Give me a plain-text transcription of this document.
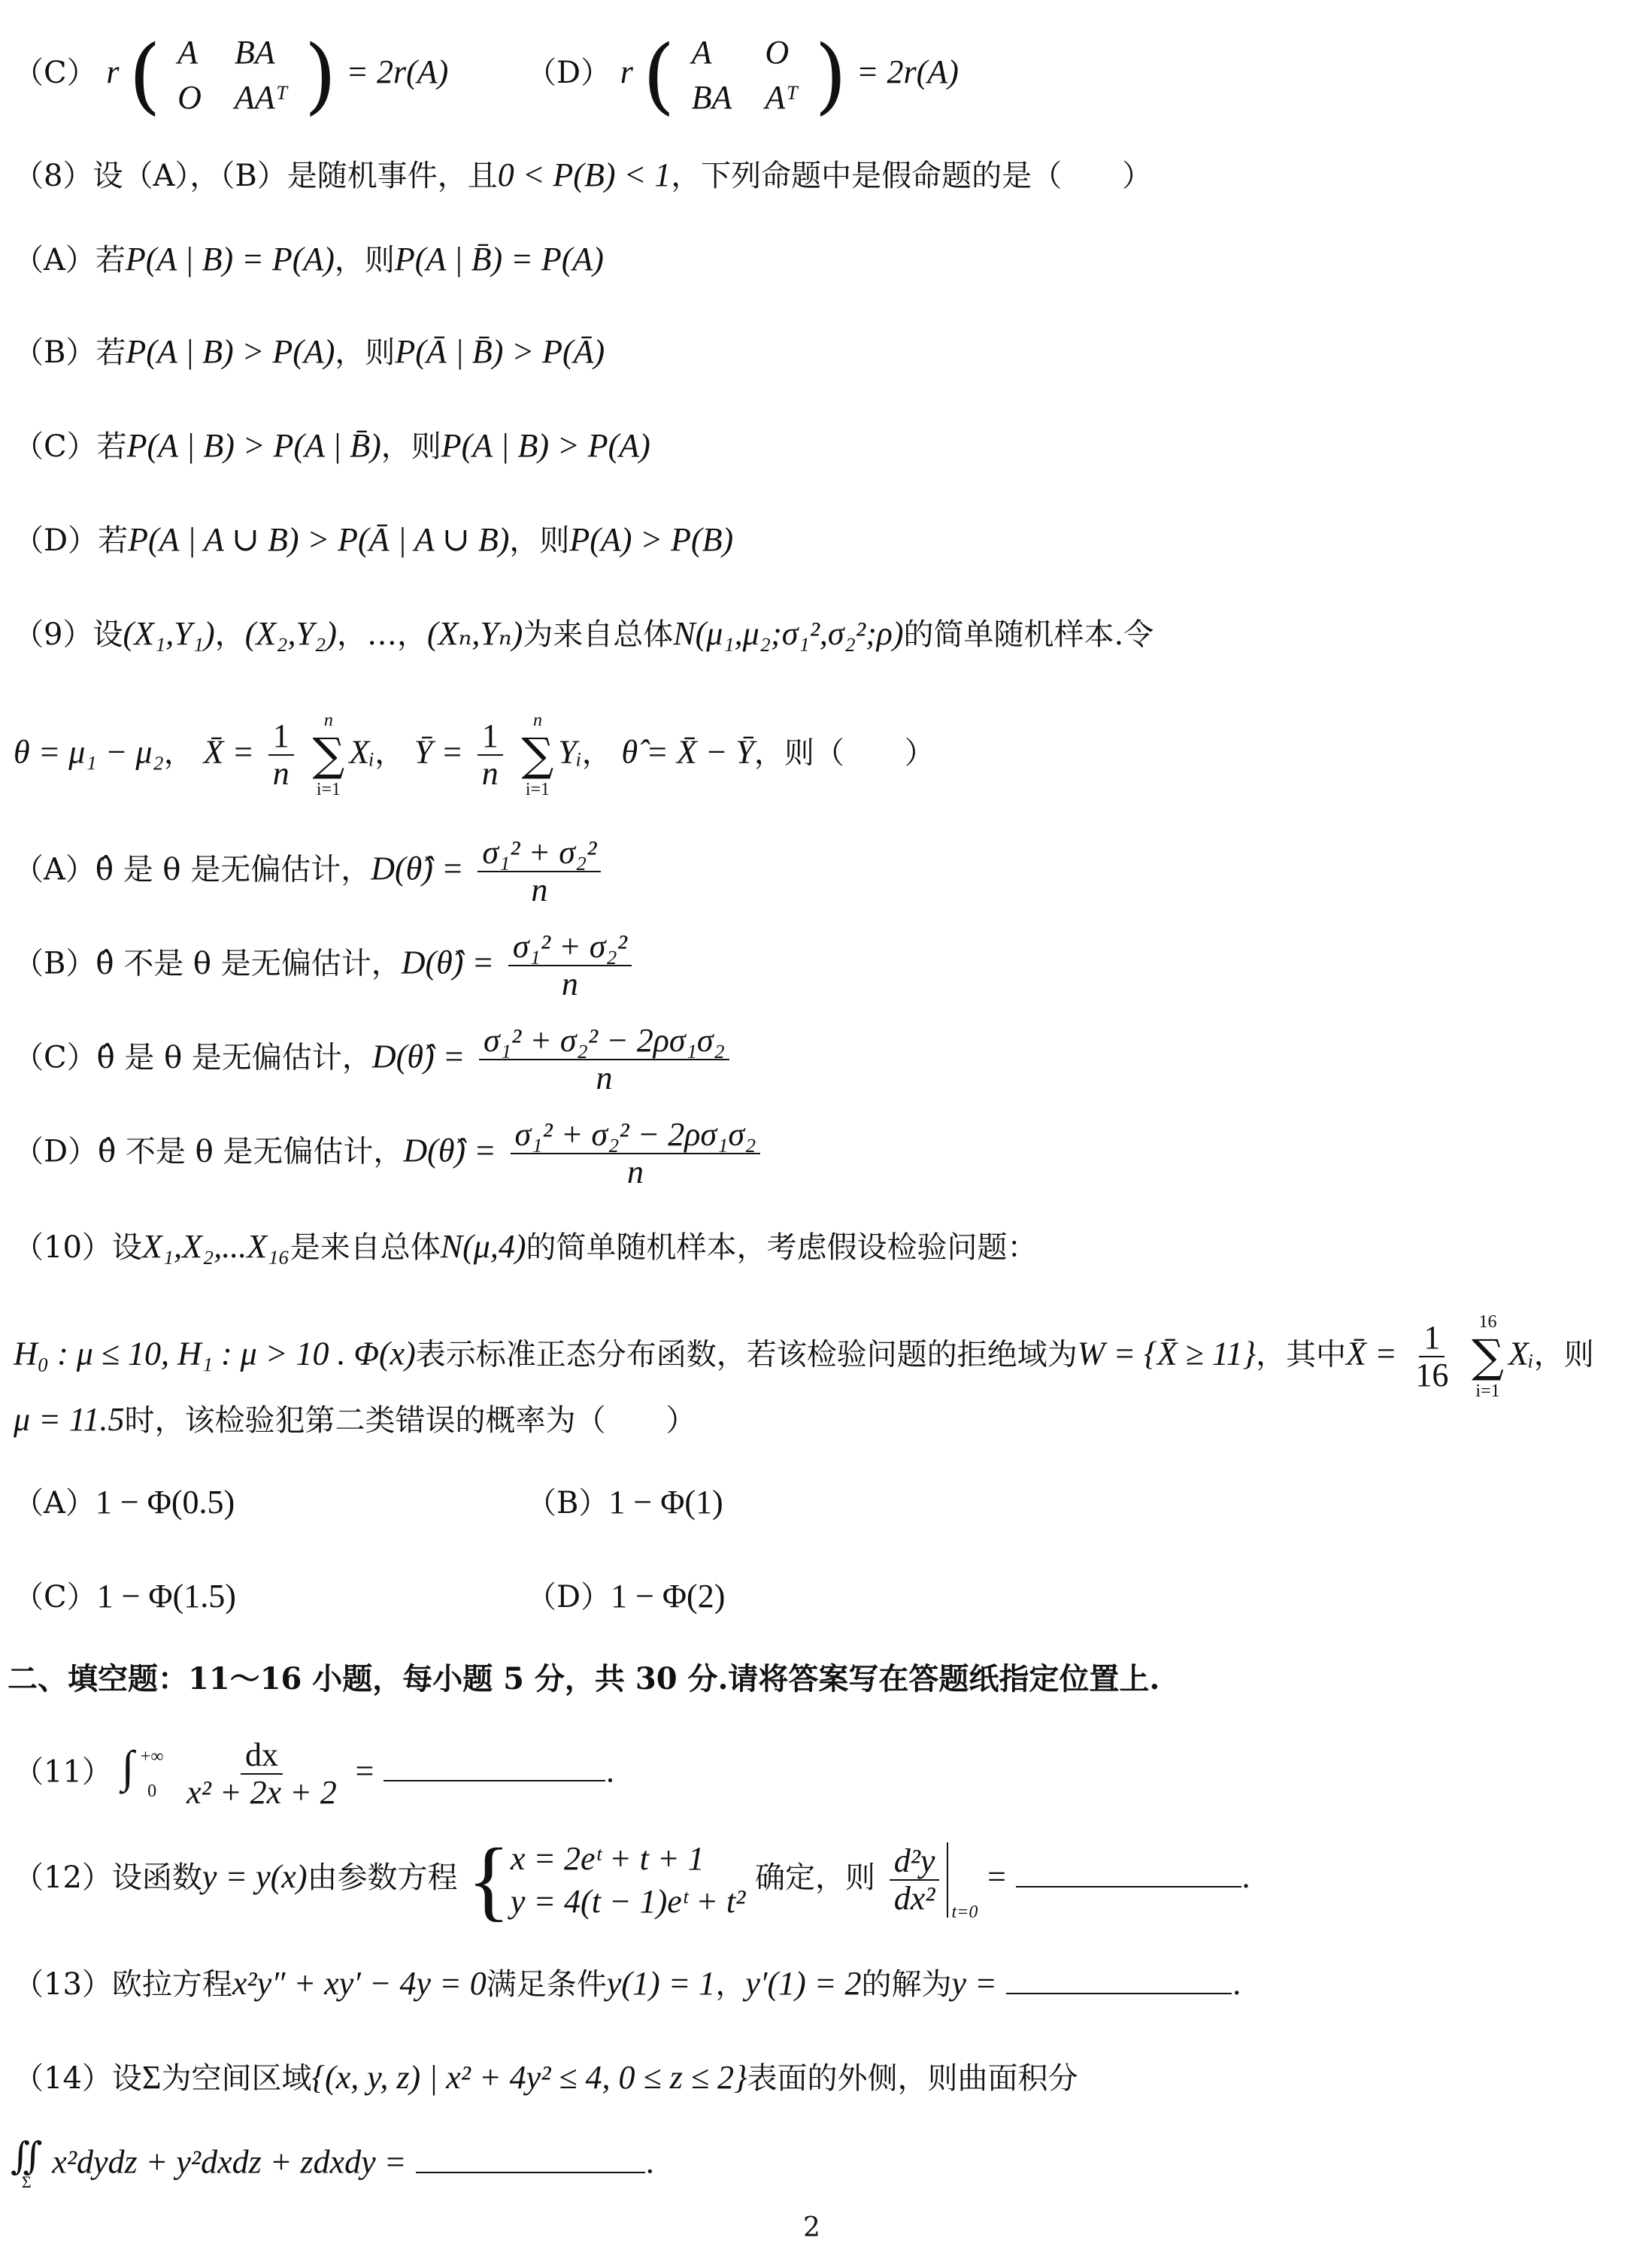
（C） r ( A	BA
O	AAᵀ ) = 2r(A)	（D） r ( A	O
BA	Aᵀ ) = 2r(A)
（8）设（A），（B）是随机事件，且0 < P(B) < 1，下列命题中是假命题的是（　　）
（A）若P(A | B) = P(A)，则P(A | B̄) = P(A)
（B）若P(A | B) > P(A)，则P(Ā | B̄) > P(Ā)
（C）若P(A | B) > P(A | B̄)，则P(A | B) > P(A)
（D）若P(A | A ∪ B) > P(Ā | A ∪ B)，则P(A) > P(B)
（9）设(X₁,Y₁)，(X₂,Y₂)，…，(Xₙ,Yₙ)为来自总体N(μ₁,μ₂;σ₁²,σ₂²;ρ)的简单随机样本.令
θ = μ₁ − μ₂， X̄ = $\frac{1}{n}$
n
∑
i=1
Xᵢ， Ȳ = $\frac{1}{n}$
n
∑
i=1
Yᵢ， θ̂ = X̄ − Ȳ，则（　　）
（A）θ̂ 是 θ 是无偏估计，D(θ̂) = $\frac{\text{σ₁² + σ₂²}}{n}$
（B）θ̂ 不是 θ 是无偏估计，D(θ̂) = $\frac{\text{σ₁² + σ₂²}}{n}$
（C）θ̂ 是 θ 是无偏估计，D(θ̂) = $\frac{\text{σ₁² + σ₂² − 2ρσ₁σ₂}}{n}$
（D）θ̂ 不是 θ 是无偏估计，D(θ̂) = $\frac{\text{σ₁² + σ₂² − 2ρσ₁σ₂}}{n}$
（10）设X₁,X₂,...X₁₆是来自总体N(μ,4)的简单随机样本，考虑假设检验问题：
H₀ : μ ≤ 10, H₁ : μ > 10 . Φ(x)表示标准正态分布函数，若该检验问题的拒绝域为W = {X̄ ≥ 11}，其中X̄ = $\frac{1}{16}$
16
∑
i=1
Xᵢ，则
μ = 11.5时，该检验犯第二类错误的概率为（　　）
（A）1 − Φ(0.5)	（B）1 − Φ(1)
（C）1 − Φ(1.5)	（D）1 − Φ(2)
二、填空题：11～16 小题，每小题 5 分，共 30 分.请将答案写在答题纸指定位置上.
（11） ∫ +∞
0
$\frac{dx}{\text{x² + 2x + 2}}$ =	.
（12）设函数y = y(x)由参数方程 { x = 2eᵗ + t + 1
y = 4(t − 1)eᵗ + t²
确定，则 $\frac{\text{d²y}}{\text{dx²}} _{t=0}$ =	.
（13）欧拉方程x²y″ + xy′ − 4y = 0满足条件y(1) = 1，y′(1) = 2的解为y =	.
（14）设Σ为空间区域{(x, y, z) | x² + 4y² ≤ 4, 0 ≤ z ≤ 2}表面的外侧，则曲面积分
∬
Σ
x²dydz + y²dxdz + zdxdy =	.
2
